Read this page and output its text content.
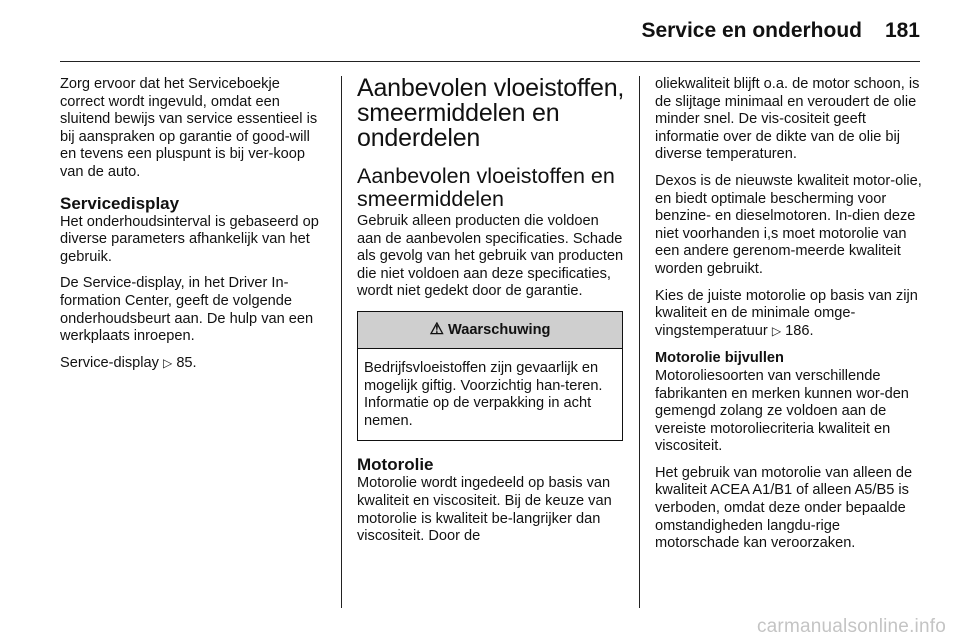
Service en onderhoud 181

Zorg ervoor dat het Serviceboekje correct wordt ingevuld, omdat een sluitend bewijs van service essentieel is bij aanspraken op garantie of good-will en tevens een pluspunt is bij ver-koop van de auto.

Servicedisplay

Het onderhoudsinterval is gebaseerd op diverse parameters afhankelijk van het gebruik.

De Service-display, in het Driver In-formation Center, geeft de volgende onderhoudsbeurt aan. De hulp van een werkplaats inroepen.

Service-display ▷ 85.

Aanbevolen vloeistoffen, smeermiddelen en onderdelen
Aanbevolen vloeistoffen en smeermiddelen

Gebruik alleen producten die voldoen aan de aanbevolen specificaties. Schade als gevolg van het gebruik van producten die niet voldoen aan deze specificaties, wordt niet gedekt door de garantie.

⚠ Waarschuwing
Bedrijfsvloeistoffen zijn gevaarlijk en mogelijk giftig. Voorzichtig han-teren. Informatie op de verpakking in acht nemen.
Motorolie

Motorolie wordt ingedeeld op basis van kwaliteit en viscositeit. Bij de keuze van motorolie is kwaliteit be-langrijker dan viscositeit. Door de

oliekwaliteit blijft o.a. de motor schoon, is de slijtage minimaal en veroudert de olie minder snel. De vis-cositeit geeft informatie over de dikte van de olie bij diverse temperaturen.

Dexos is de nieuwste kwaliteit motor-olie, en biedt optimale bescherming voor benzine- en dieselmotoren. In-dien deze niet voorhanden i,s moet motorolie van een andere gerenom-meerde kwaliteit worden gebruikt.

Kies de juiste motorolie op basis van zijn kwaliteit en de minimale omge-vingstemperatuur ▷ 186.

Motorolie bijvullen

Motoroliesoorten van verschillende fabrikanten en merken kunnen wor-den gemengd zolang ze voldoen aan de vereiste motoroliecriteria kwaliteit en viscositeit.

Het gebruik van motorolie van alleen de kwaliteit ACEA A1/B1 of alleen A5/B5 is verboden, omdat deze onder bepaalde omstandigheden langdu-rige motorschade kan veroorzaken.

carmanualsonline.info
